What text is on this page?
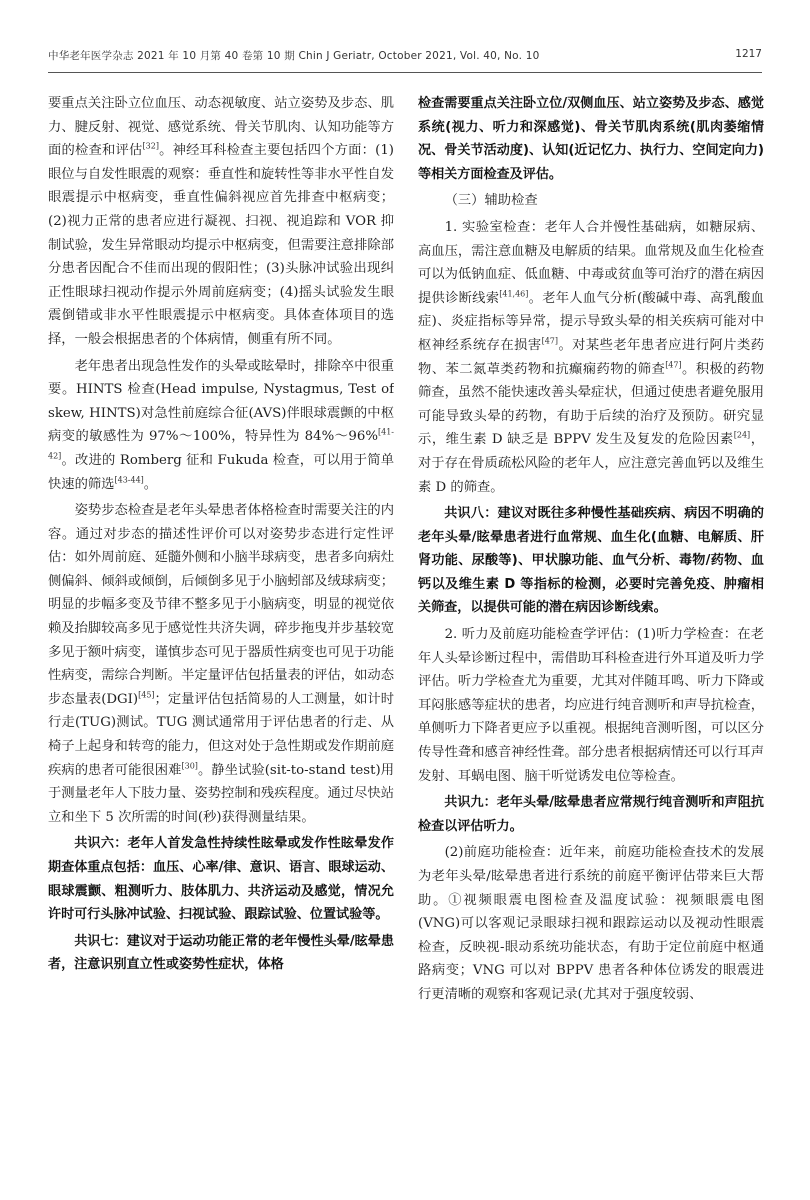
中华老年医学杂志 2021 年 10 月第 40 卷第 10 期 Chin J Geriatr, October 2021, Vol. 40, No. 10	1217

要重点关注卧立位血压、动态视敏度、站立姿势及步态、肌力、腱反射、视觉、感觉系统、骨关节肌肉、认知功能等方面的检查和评估[32]。神经耳科检查主要包括四个方面：(1)眼位与自发性眼震的观察：垂直性和旋转性等非水平性自发眼震提示中枢病变，垂直性偏斜视应首先排查中枢病变；(2)视力正常的患者应进行凝视、扫视、视追踪和 VOR 抑制试验，发生异常眼动均提示中枢病变，但需要注意排除部分患者因配合不佳而出现的假阳性；(3)头脉冲试验出现纠正性眼球扫视动作提示外周前庭病变；(4)摇头试验发生眼震倒错或非水平性眼震提示中枢病变。具体查体项目的选择，一般会根据患者的个体病情，侧重有所不同。

老年患者出现急性发作的头晕或眩晕时，排除卒中很重要。HINTS 检查(Head impulse, Nystagmus, Test of skew, HINTS)对急性前庭综合征(AVS)伴眼球震颤的中枢病变的敏感性为 97%～100%，特异性为 84%～96%[41-42]。改进的 Romberg 征和 Fukuda 检查，可以用于简单快速的筛选[43-44]。

姿势步态检查是老年头晕患者体格检查时需要关注的内容。通过对步态的描述性评价可以对姿势步态进行定性评估：如外周前庭、延髓外侧和小脑半球病变，患者多向病灶侧偏斜、倾斜或倾倒，后倾倒多见于小脑蚓部及绒球病变；明显的步幅多变及节律不整多见于小脑病变，明显的视觉依赖及抬脚较高多见于感觉性共济失调，碎步拖曳并步基较宽多见于额叶病变，谨慎步态可见于器质性病变也可见于功能性病变，需综合判断。半定量评估包括量表的评估，如动态步态量表(DGI)[45]；定量评估包括简易的人工测量，如计时行走(TUG)测试。TUG 测试通常用于评估患者的行走、从椅子上起身和转弯的能力，但这对处于急性期或发作期前庭疾病的患者可能很困难[30]。静坐试验(sit-to-stand test)用于测量老年人下肢力量、姿势控制和残疾程度。通过尽快站立和坐下 5 次所需的时间(秒)获得测量结果。

共识六：老年人首发急性持续性眩晕或发作性眩晕发作期查体重点包括：血压、心率/律、意识、语言、眼球运动、眼球震颤、粗测听力、肢体肌力、共济运动及感觉，情况允许时可行头脉冲试验、扫视试验、跟踪试验、位置试验等。

共识七：建议对于运动功能正常的老年慢性头晕/眩晕患者，注意识别直立性或姿势性症状，体格

检查需要重点关注卧立位/双侧血压、站立姿势及步态、感觉系统(视力、听力和深感觉)、骨关节肌肉系统(肌肉萎缩情况、骨关节活动度)、认知(近记忆力、执行力、空间定向力)等相关方面检查及评估。

（三）辅助检查

1. 实验室检查：老年人合并慢性基础病，如糖尿病、高血压，需注意血糖及电解质的结果。血常规及血生化检查可以为低钠血症、低血糖、中毒或贫血等可治疗的潜在病因提供诊断线索[41,46]。老年人血气分析(酸碱中毒、高乳酸血症)、炎症指标等异常，提示导致头晕的相关疾病可能对中枢神经系统存在损害[47]。对某些老年患者应进行阿片类药物、苯二氮䓬类药物和抗癫痫药物的筛查[47]。积极的药物筛查，虽然不能快速改善头晕症状，但通过使患者避免服用可能导致头晕的药物，有助于后续的治疗及预防。研究显示，维生素 D 缺乏是 BPPV 发生及复发的危险因素[24]，对于存在骨质疏松风险的老年人，应注意完善血钙以及维生素 D 的筛查。

共识八：建议对既往多种慢性基础疾病、病因不明确的老年头晕/眩晕患者进行血常规、血生化(血糖、电解质、肝肾功能、尿酸等)、甲状腺功能、血气分析、毒物/药物、血钙以及维生素 D 等指标的检测，必要时完善免疫、肿瘤相关筛查，以提供可能的潜在病因诊断线索。

2. 听力及前庭功能检查学评估：(1)听力学检查：在老年人头晕诊断过程中，需借助耳科检查进行外耳道及听力学评估。听力学检查尤为重要，尤其对伴随耳鸣、听力下降或耳闷胀感等症状的患者，均应进行纯音测听和声导抗检查，单侧听力下降者更应予以重视。根据纯音测听图，可以区分传导性聋和感音神经性聋。部分患者根据病情还可以行耳声发射、耳蜗电图、脑干听觉诱发电位等检查。

共识九：老年头晕/眩晕患者应常规行纯音测听和声阻抗检查以评估听力。

(2)前庭功能检查：近年来，前庭功能检查技术的发展为老年头晕/眩晕患者进行系统的前庭平衡评估带来巨大帮助。①视频眼震电图检查及温度试验：视频眼震电图(VNG)可以客观记录眼球扫视和跟踪运动以及视动性眼震检查，反映视-眼动系统功能状态，有助于定位前庭中枢通路病变；VNG 可以对 BPPV 患者各种体位诱发的眼震进行更清晰的观察和客观记录(尤其对于强度较弱、
